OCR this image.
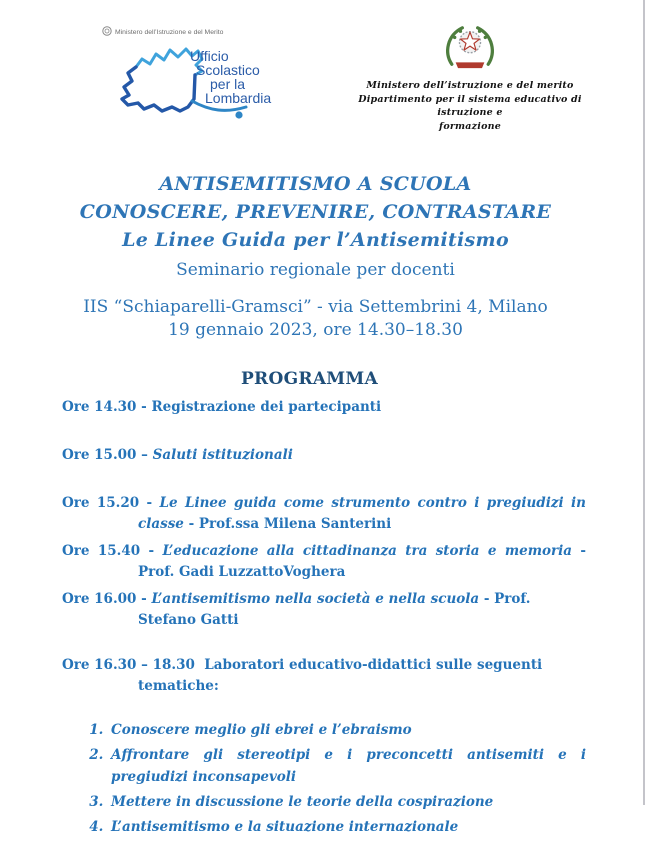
Ministero dell’Istruzione e del Merito
Ufficio
Scolastico
per la
Lombardia
Ministero dell’istruzione e del merito
Dipartimento per il sistema educativo di istruzione e
formazione
ANTISEMITISMO A SCUOLA
CONOSCERE, PREVENIRE, CONTRASTARE
Le Linee Guida per l’Antisemitismo
Seminario regionale per docenti
IIS “Schiaparelli-Gramsci” - via Settembrini 4, Milano
19 gennaio 2023, ore 14.30–18.30
PROGRAMMA
Ore 14.30 - Registrazione dei partecipanti
Ore 15.00 – Saluti istituzionali
Ore 15.20 - Le Linee guida come strumento contro i pregiudizi in classe - Prof.ssa Milena Santerini
Ore 15.40 - L’educazione alla cittadinanza tra storia e memoria - Prof. Gadi LuzzattoVoghera
Ore 16.00 - L’antisemitismo nella società e nella scuola - Prof. Stefano Gatti
Ore 16.30 – 18.30  Laboratori educativo-didattici sulle seguenti tematiche:
1. Conoscere meglio gli ebrei e l’ebraismo
2. Affrontare gli stereotipi e i preconcetti antisemiti e i pregiudizi inconsapevoli
3. Mettere in discussione le teorie della cospirazione
4. L’antisemitismo e la situazione internazionale
